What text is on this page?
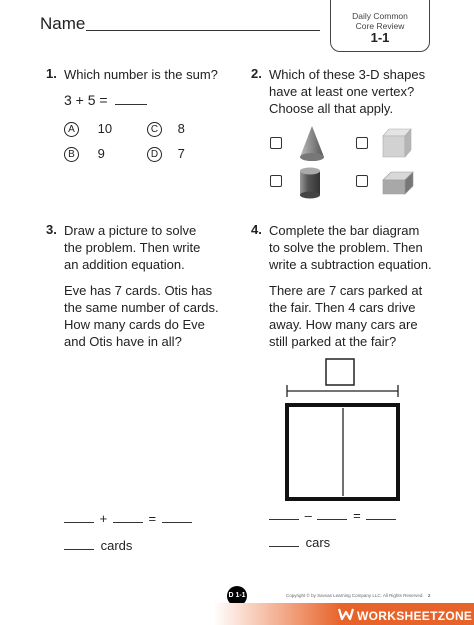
Name	Daily Common
Core Review
1-1
1. Which number is the sum?
3 + 5 =
A 10	C 8
B 9	D 7
2. Which of these 3-D shapes
have at least one vertex?
Choose all that apply.
3. Draw a picture to solve
the problem. Then write
an addition equation.
Eve has 7 cards. Otis has
the same number of cards.
How many cards do Eve
and Otis have in all?
+	=
cards
4. Complete the bar diagram
to solve the problem. Then
write a subtraction equation.
There are 7 cars parked at
the fair. Then 4 cars drive
away. How many cars are
still parked at the fair?
–	=
cars
D 1-1	Copyright © by Savvas Learning Company LLC. All Rights Reserved. 2
WORKSHEETZONE
